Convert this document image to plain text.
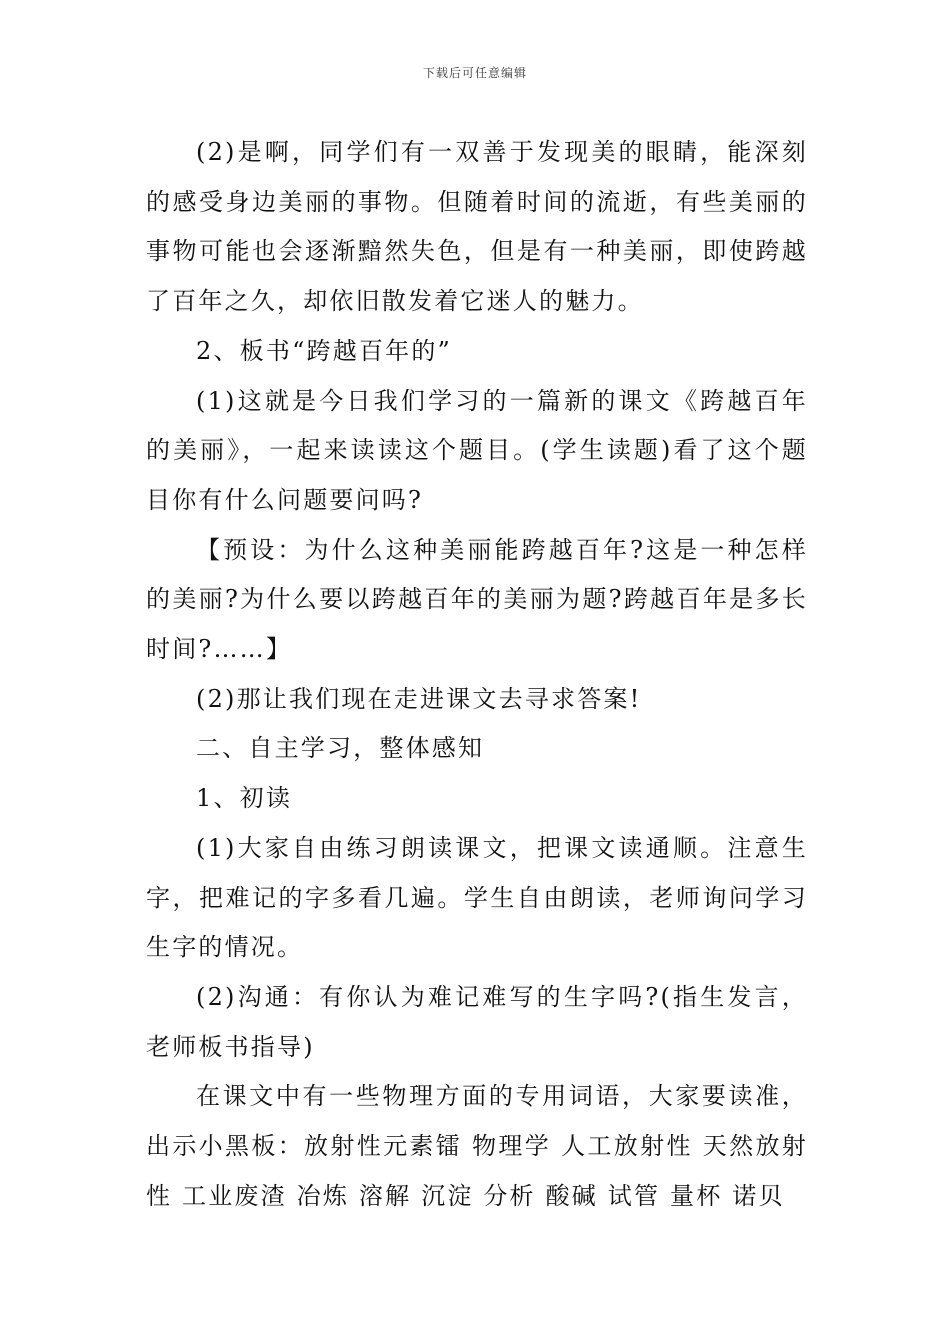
下载后可任意编辑

(2)是啊，同学们有一双善于发现美的眼睛，能深刻的感受身边美丽的事物。但随着时间的流逝，有些美丽的事物可能也会逐渐黯然失色，但是有一种美丽，即使跨越了百年之久，却依旧散发着它迷人的魅力。

2、板书“跨越百年的”

(1)这就是今日我们学习的一篇新的课文《跨越百年的美丽》，一起来读读这个题目。(学生读题)看了这个题目你有什么问题要问吗?

【预设：为什么这种美丽能跨越百年?这是一种怎样的美丽?为什么要以跨越百年的美丽为题?跨越百年是多长时间?……】

(2)那让我们现在走进课文去寻求答案!

二、自主学习，整体感知

1、初读

(1)大家自由练习朗读课文，把课文读通顺。注意生字，把难记的字多看几遍。学生自由朗读，老师询问学习生字的情况。

(2)沟通：有你认为难记难写的生字吗?(指生发言，老师板书指导)

在课文中有一些物理方面的专用词语，大家要读准，出示小黑板：放射性元素镭 物理学 人工放射性 天然放射性 工业废渣 冶炼 溶解 沉淀 分析 酸碱 试管 量杯 诺贝
